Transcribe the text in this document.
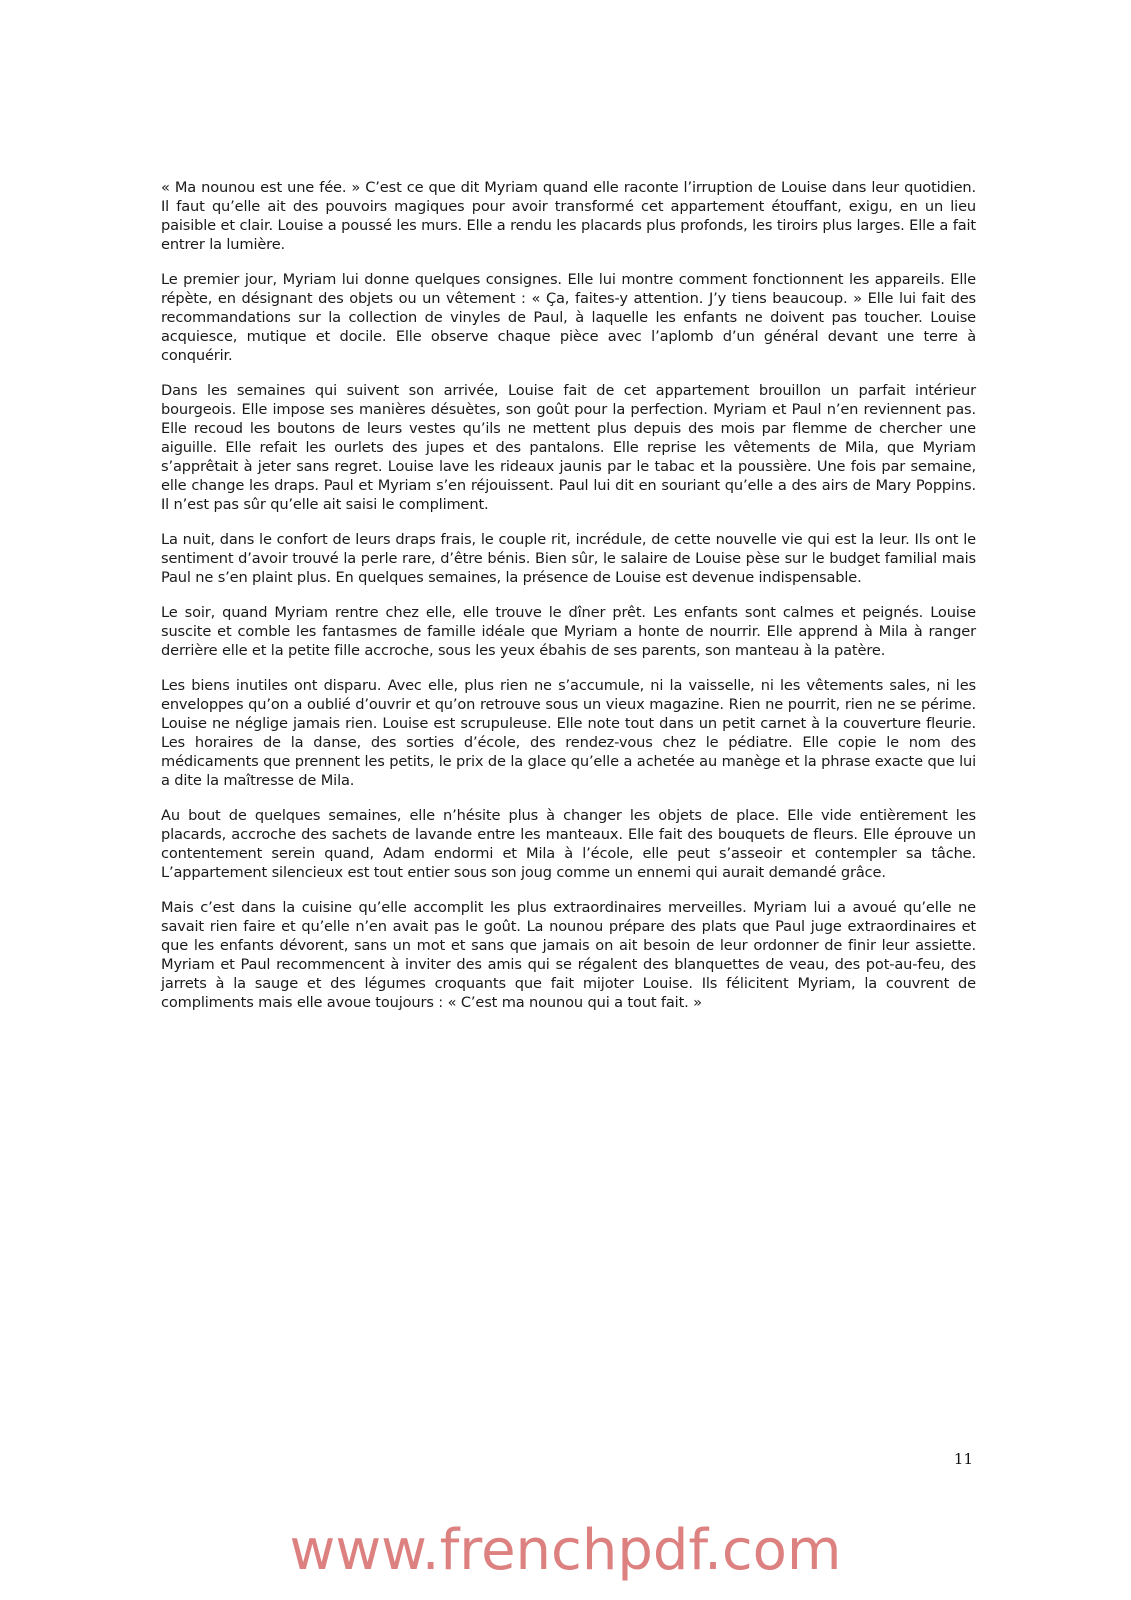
« Ma nounou est une fée. » C’est ce que dit Myriam quand elle raconte l’irruption de Louise dans leur quotidien. Il faut qu’elle ait des pouvoirs magiques pour avoir transformé cet appartement étouffant, exigu, en un lieu paisible et clair. Louise a poussé les murs. Elle a rendu les placards plus profonds, les tiroirs plus larges. Elle a fait entrer la lumière.

Le premier jour, Myriam lui donne quelques consignes. Elle lui montre comment fonctionnent les appareils. Elle répète, en désignant des objets ou un vêtement : « Ça, faites-y attention. J’y tiens beaucoup. » Elle lui fait des recommandations sur la collection de vinyles de Paul, à laquelle les enfants ne doivent pas toucher. Louise acquiesce, mutique et docile. Elle observe chaque pièce avec l’aplomb d’un général devant une terre à conquérir.

Dans les semaines qui suivent son arrivée, Louise fait de cet appartement brouillon un parfait intérieur bourgeois. Elle impose ses manières désuètes, son goût pour la perfection. Myriam et Paul n’en reviennent pas. Elle recoud les boutons de leurs vestes qu’ils ne mettent plus depuis des mois par flemme de chercher une aiguille. Elle refait les ourlets des jupes et des pantalons. Elle reprise les vêtements de Mila, que Myriam s’apprêtait à jeter sans regret. Louise lave les rideaux jaunis par le tabac et la poussière. Une fois par semaine, elle change les draps. Paul et Myriam s’en réjouissent. Paul lui dit en souriant qu’elle a des airs de Mary Poppins. Il n’est pas sûr qu’elle ait saisi le compliment.

La nuit, dans le confort de leurs draps frais, le couple rit, incrédule, de cette nouvelle vie qui est la leur. Ils ont le sentiment d’avoir trouvé la perle rare, d’être bénis. Bien sûr, le salaire de Louise pèse sur le budget familial mais Paul ne s’en plaint plus. En quelques semaines, la présence de Louise est devenue indispensable.

Le soir, quand Myriam rentre chez elle, elle trouve le dîner prêt. Les enfants sont calmes et peignés. Louise suscite et comble les fantasmes de famille idéale que Myriam a honte de nourrir. Elle apprend à Mila à ranger derrière elle et la petite fille accroche, sous les yeux ébahis de ses parents, son manteau à la patère.

Les biens inutiles ont disparu. Avec elle, plus rien ne s’accumule, ni la vaisselle, ni les vêtements sales, ni les enveloppes qu’on a oublié d’ouvrir et qu’on retrouve sous un vieux magazine. Rien ne pourrit, rien ne se périme. Louise ne néglige jamais rien. Louise est scrupuleuse. Elle note tout dans un petit carnet à la couverture fleurie. Les horaires de la danse, des sorties d’école, des rendez-vous chez le pédiatre. Elle copie le nom des médicaments que prennent les petits, le prix de la glace qu’elle a achetée au manège et la phrase exacte que lui a dite la maîtresse de Mila.

Au bout de quelques semaines, elle n’hésite plus à changer les objets de place. Elle vide entièrement les placards, accroche des sachets de lavande entre les manteaux. Elle fait des bouquets de fleurs. Elle éprouve un contentement serein quand, Adam endormi et Mila à l’école, elle peut s’asseoir et contempler sa tâche. L’appartement silencieux est tout entier sous son joug comme un ennemi qui aurait demandé grâce.

Mais c’est dans la cuisine qu’elle accomplit les plus extraordinaires merveilles. Myriam lui a avoué qu’elle ne savait rien faire et qu’elle n’en avait pas le goût. La nounou prépare des plats que Paul juge extraordinaires et que les enfants dévorent, sans un mot et sans que jamais on ait besoin de leur ordonner de finir leur assiette. Myriam et Paul recommencent à inviter des amis qui se régalent des blanquettes de veau, des pot-au-feu, des jarrets à la sauge et des légumes croquants que fait mijoter Louise. Ils félicitent Myriam, la couvrent de compliments mais elle avoue toujours : « C’est ma nounou qui a tout fait. »

11
www.frenchpdf.com
